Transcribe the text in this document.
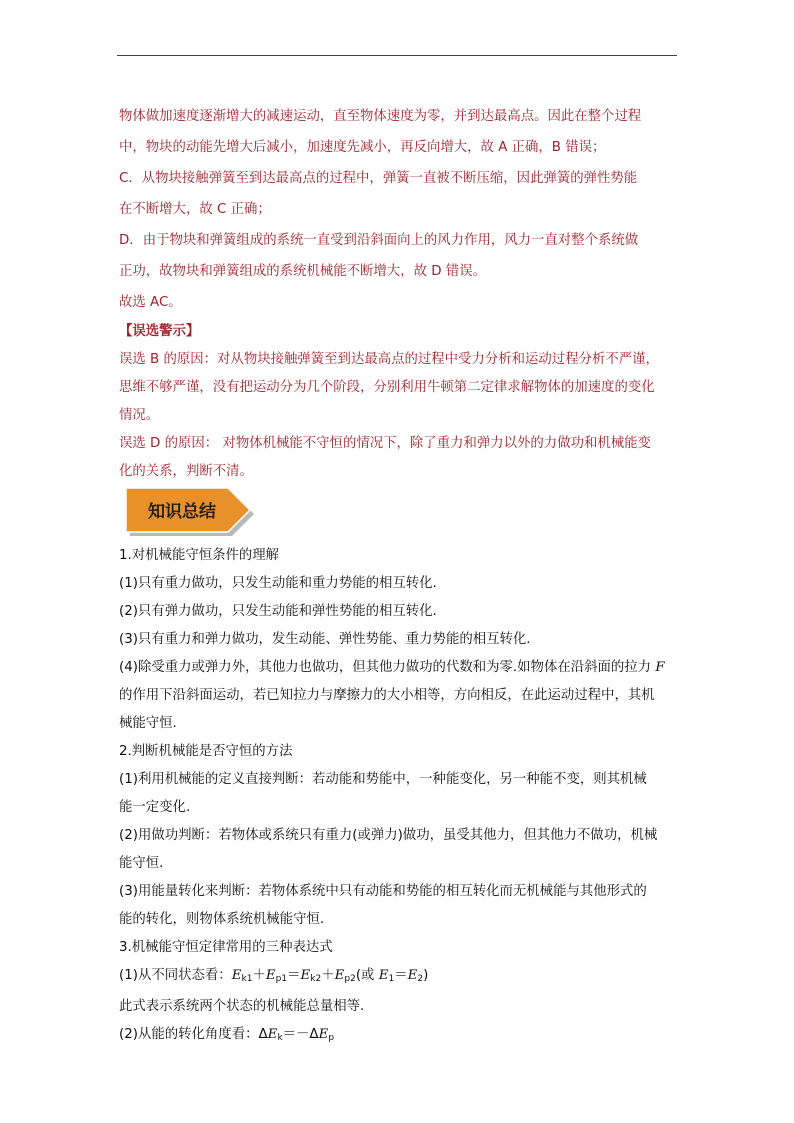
物体做加速度逐渐增大的减速运动，直至物体速度为零，并到达最高点。因此在整个过程

中，物块的动能先增大后减小，加速度先减小，再反向增大，故 A 正确，B 错误；

C．从物块接触弹簧至到达最高点的过程中，弹簧一直被不断压缩，因此弹簧的弹性势能

在不断增大，故 C 正确；

D．由于物块和弹簧组成的系统一直受到沿斜面向上的风力作用，风力一直对整个系统做

正功，故物块和弹簧组成的系统机械能不断增大，故 D 错误。

故选 AC。

【误选警示】

误选 B 的原因：对从物块接触弹簧至到达最高点的过程中受力分析和运动过程分析不严谨，

思维不够严谨，没有把运动分为几个阶段，分别利用牛顿第二定律求解物体的加速度的变化

情况。

误选 D 的原因： 对物体机械能不守恒的情况下，除了重力和弹力以外的力做功和机械能变

化的关系，判断不清。

知识总结

1.对机械能守恒条件的理解

(1)只有重力做功，只发生动能和重力势能的相互转化.

(2)只有弹力做功，只发生动能和弹性势能的相互转化.

(3)只有重力和弹力做功，发生动能、弹性势能、重力势能的相互转化.

(4)除受重力或弹力外，其他力也做功，但其他力做功的代数和为零.如物体在沿斜面的拉力 F

的作用下沿斜面运动，若已知拉力与摩擦力的大小相等，方向相反，在此运动过程中，其机

械能守恒.

2.判断机械能是否守恒的方法

(1)利用机械能的定义直接判断：若动能和势能中，一种能变化，另一种能不变，则其机械

能一定变化.

(2)用做功判断：若物体或系统只有重力(或弹力)做功，虽受其他力，但其他力不做功，机械

能守恒.

(3)用能量转化来判断：若物体系统中只有动能和势能的相互转化而无机械能与其他形式的

能的转化，则物体系统机械能守恒.

3.机械能守恒定律常用的三种表达式

(1)从不同状态看：$E_{k1}+E_{p1}=E_{k2}+E_{p2}$(或 $E_1=E_2$)

此式表示系统两个状态的机械能总量相等.

(2)从能的转化角度看：$\Delta E_k=-\Delta E_p$
